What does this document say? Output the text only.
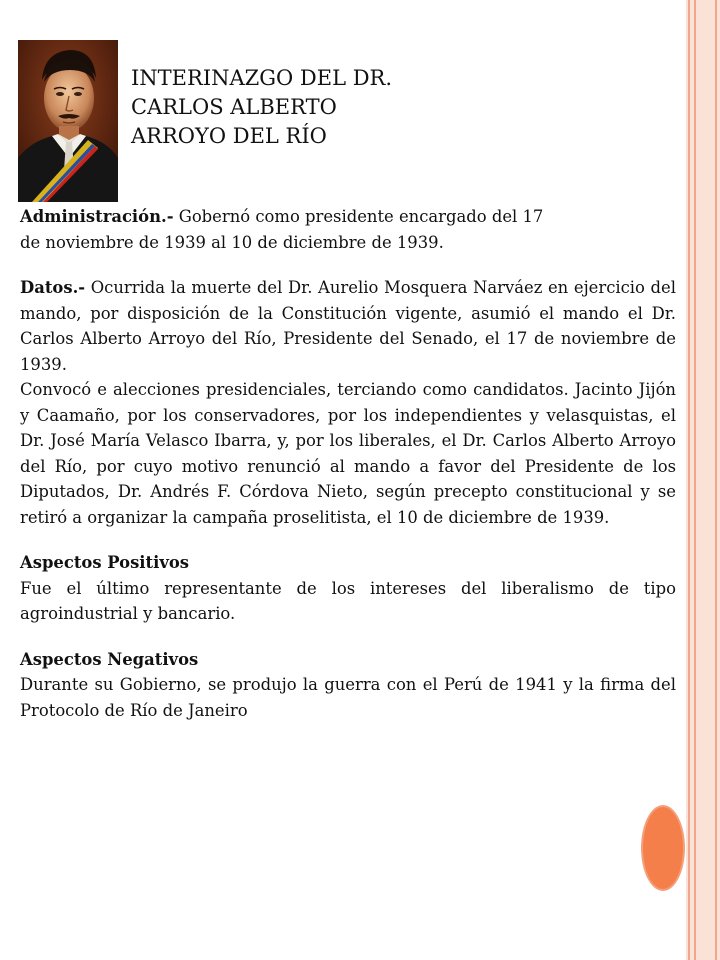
INTERINAZGO DEL DR.
CARLOS ALBERTO
ARROYO DEL RÍO
Administración.- Gobernó como presidente encargado del 17
de noviembre de 1939 al 10 de diciembre de 1939.

Datos.- Ocurrida la muerte del Dr. Aurelio Mosquera Narváez en ejercicio del mando, por disposición de la Constitución vigente, asumió el mando el Dr. Carlos Alberto Arroyo del Río, Presidente del Senado, el 17 de noviembre de 1939.

Convocó e alecciones presidenciales, terciando como candidatos. Jacinto Jijón y Caamaño, por los conservadores, por los independientes y velasquistas, el Dr. José María Velasco Ibarra, y, por los liberales, el Dr. Carlos Alberto Arroyo del Río, por cuyo motivo renunció al mando a favor del Presidente de los Diputados, Dr. Andrés F. Córdova Nieto, según precepto constitucional y se retiró a organizar la campaña proselitista, el 10 de diciembre de 1939.

Aspectos Positivos

Fue el último representante de los intereses del liberalismo de tipo agroindustrial y bancario.

Aspectos Negativos

Durante su Gobierno, se produjo la guerra con el Perú de 1941 y la firma del Protocolo de Río de Janeiro
